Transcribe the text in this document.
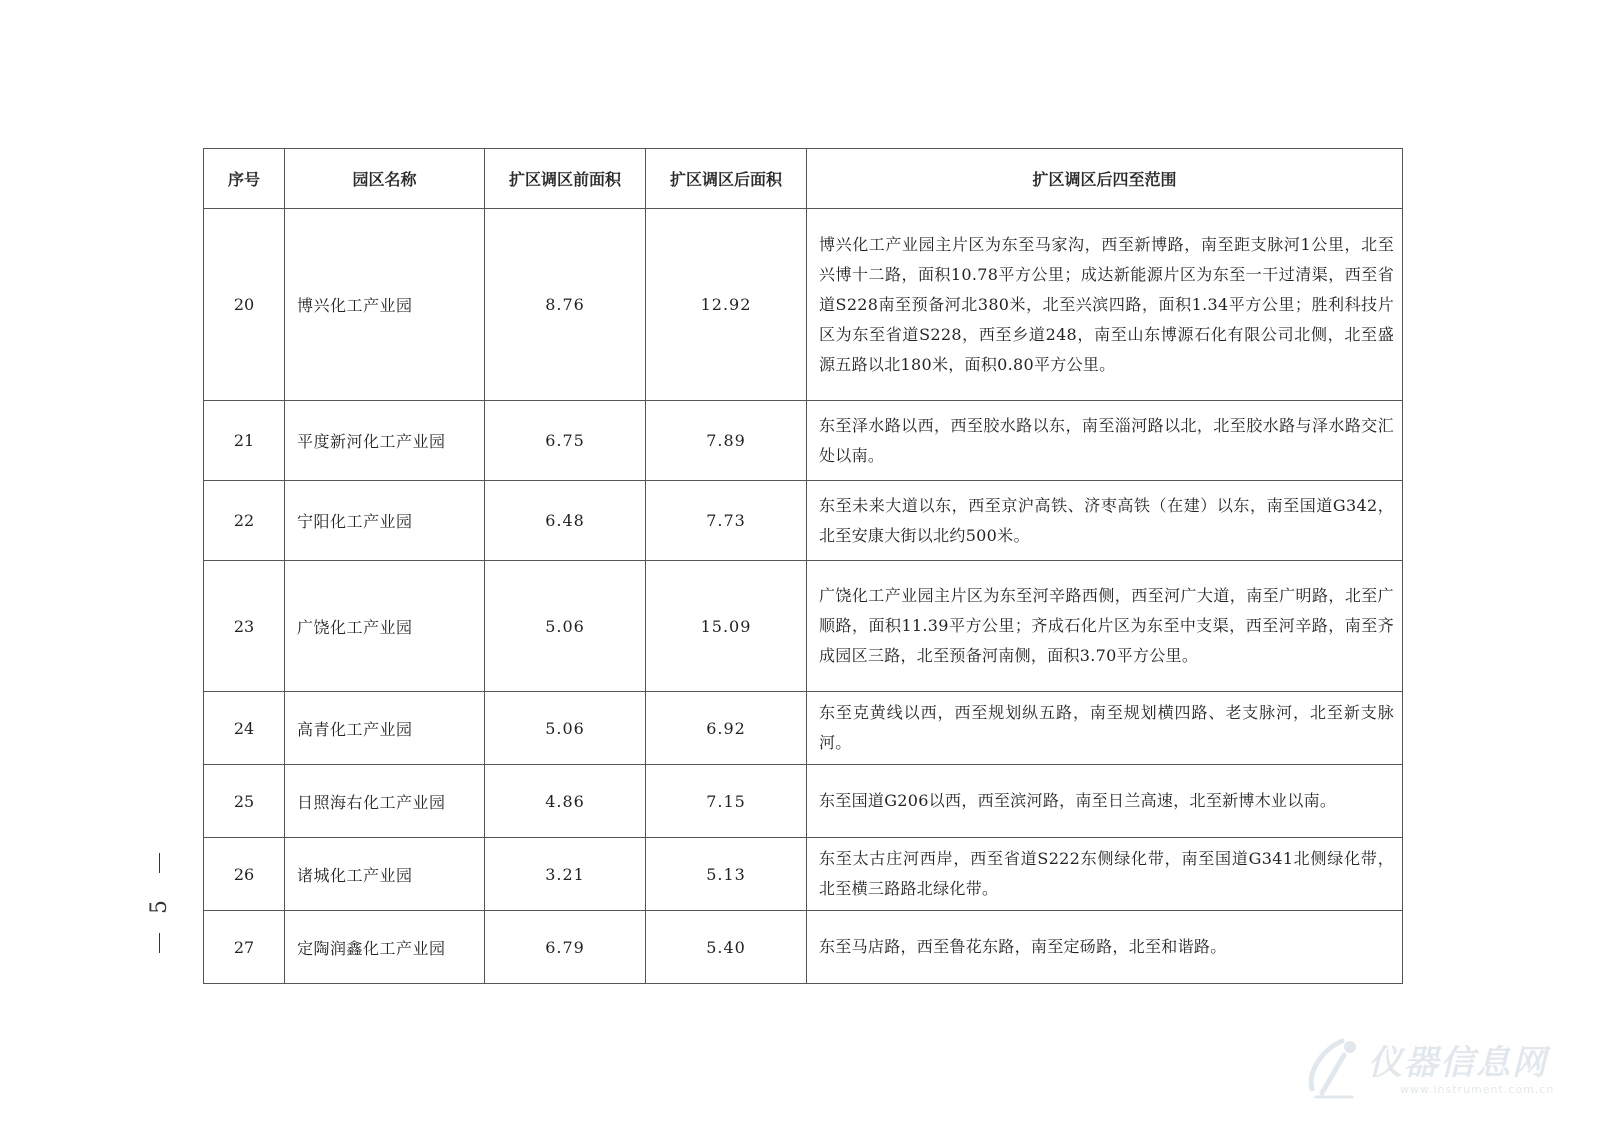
序号	园区名称	扩区调区前面积	扩区调区后面积	扩区调区后四至范围
20	博兴化工产业园	8.76	12.92	博兴化工产业园主片区为东至马家沟，西至新博路，南至距支脉河1公里，北至兴博十二路，面积10.78平方公里；成达新能源片区为东至一干过清渠，西至省道S228南至预备河北380米，北至兴滨四路，面积1.34平方公里；胜利科技片区为东至省道S228，西至乡道248，南至山东博源石化有限公司北侧，北至盛源五路以北180米，面积0.80平方公里。
21	平度新河化工产业园	6.75	7.89	东至泽水路以西，西至胶水路以东，南至淄河路以北，北至胶水路与泽水路交汇处以南。
22	宁阳化工产业园	6.48	7.73	东至未来大道以东，西至京沪高铁、济枣高铁（在建）以东，南至国道G342，北至安康大街以北约500米。
23	广饶化工产业园	5.06	15.09	广饶化工产业园主片区为东至河辛路西侧，西至河广大道，南至广明路，北至广顺路，面积11.39平方公里；齐成石化片区为东至中支渠，西至河辛路，南至齐成园区三路，北至预备河南侧，面积3.70平方公里。
24	高青化工产业园	5.06	6.92	东至克黄线以西，西至规划纵五路，南至规划横四路、老支脉河，北至新支脉河。
25	日照海右化工产业园	4.86	7.15	东至国道G206以西，西至滨河路，南至日兰高速，北至新博木业以南。
26	诸城化工产业园	3.21	5.13	东至太古庄河西岸，西至省道S222东侧绿化带，南至国道G341北侧绿化带，北至横三路路北绿化带。
27	定陶润鑫化工产业园	6.79	5.40	东至马店路，西至鲁花东路，南至定砀路，北至和谐路。
5
仪器信息网
www.instrument.com.cn
